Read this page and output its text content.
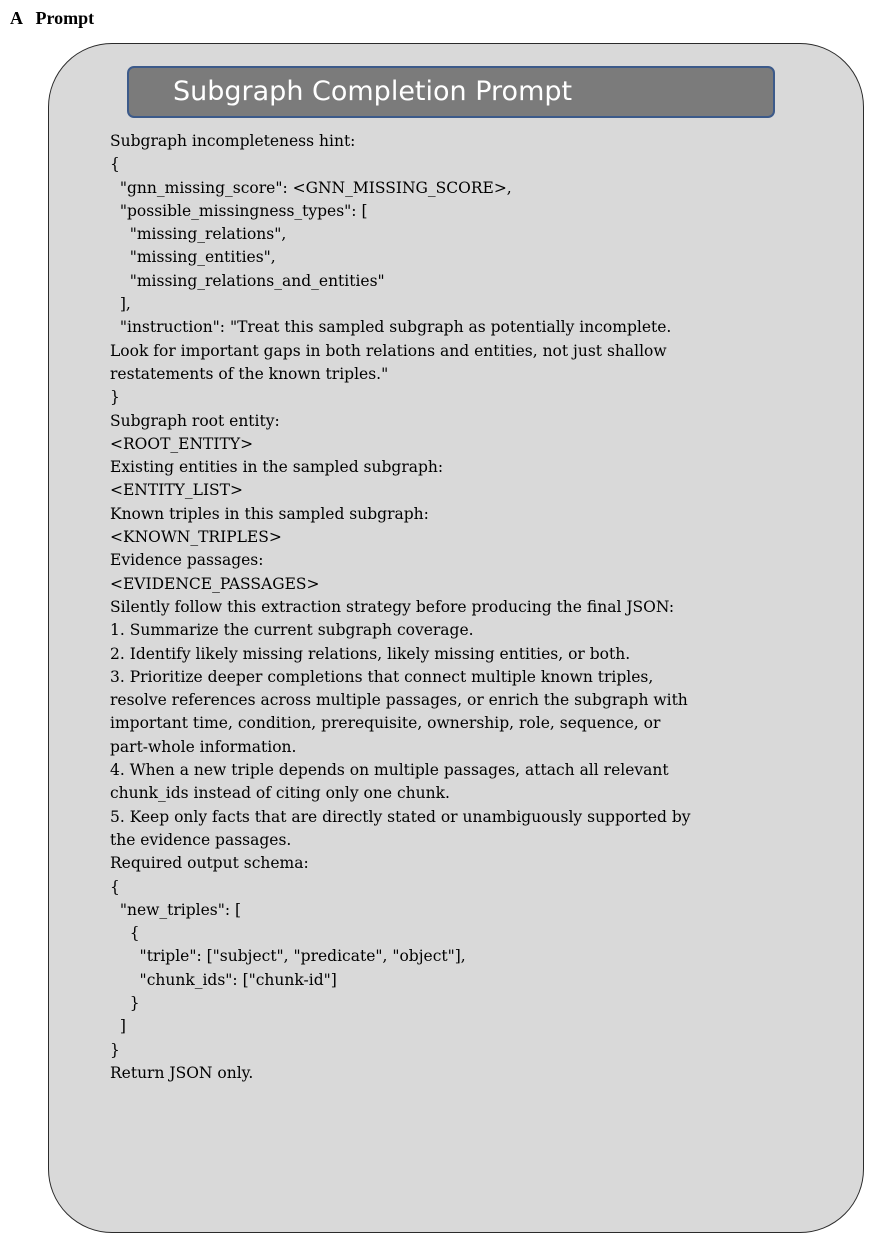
A   Prompt
Subgraph Completion Prompt

Subgraph incompleteness hint:

{

"gnn_missing_score": <GNN_MISSING_SCORE>,

"possible_missingness_types": [

"missing_relations",

"missing_entities",

"missing_relations_and_entities"

],

"instruction": "Treat this sampled subgraph as potentially incomplete.

Look for important gaps in both relations and entities, not just shallow

restatements of the known triples."

}

Subgraph root entity:

<ROOT_ENTITY>

Existing entities in the sampled subgraph:

<ENTITY_LIST>

Known triples in this sampled subgraph:

<KNOWN_TRIPLES>

Evidence passages:

<EVIDENCE_PASSAGES>

Silently follow this extraction strategy before producing the final JSON:

1. Summarize the current subgraph coverage.

2. Identify likely missing relations, likely missing entities, or both.

3. Prioritize deeper completions that connect multiple known triples,

resolve references across multiple passages, or enrich the subgraph with

important time, condition, prerequisite, ownership, role, sequence, or

part-whole information.

4. When a new triple depends on multiple passages, attach all relevant

chunk_ids instead of citing only one chunk.

5. Keep only facts that are directly stated or unambiguously supported by

the evidence passages.

Required output schema:

{

"new_triples": [

{

"triple": ["subject", "predicate", "object"],

"chunk_ids": ["chunk-id"]

}

]

}

Return JSON only.
